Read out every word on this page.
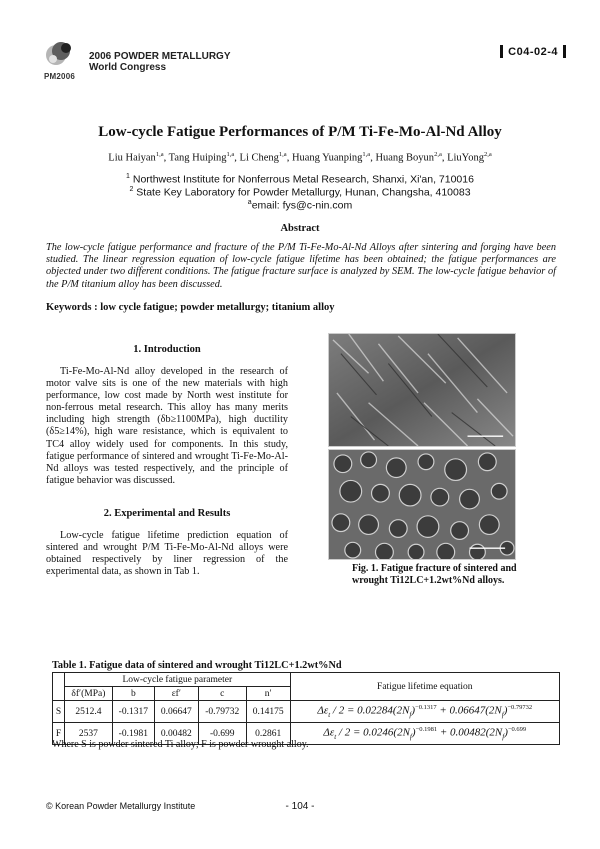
PM2006
2006 POWDER METALLURGY
World Congress
C04-02-4
Low-cycle Fatigue Performances of P/M Ti-Fe-Mo-Al-Nd Alloy
Liu Haiyan$^{1,a}$, Tang Huiping$^{1,a}$, Li Cheng$^{1,a}$, Huang Yuanping$^{1,a}$, Huang Boyun$^{2,a}$, LiuYong$^{2,a}$
$^1$ Northwest Institute for Nonferrous Metal Research, Shanxi, Xi'an, 710016
$^2$ State Key Laboratory for Powder Metallurgy, Hunan, Changsha, 410083
$^a$email: fys@c-nin.com
Abstract
The low-cycle fatigue performance and fracture of the P/M Ti-Fe-Mo-Al-Nd Alloys after sintering and forging have been studied. The linear regression equation of low-cycle fatigue lifetime has been obtained; the fatigue performances are objected under two different conditions. The fatigue fracture surface is analyzed by SEM. The low-cycle fatigue behavior of the P/M titanium alloy has been discussed.
Keywords : low cycle fatigue; powder metallurgy; titanium alloy
1. Introduction
Ti-Fe-Mo-Al-Nd alloy developed in the research of motor valve sits is one of the new materials with high performance, low cost made by North west institute for non-ferrous metal research. This alloy has many merits including high strength (δb≥1100MPa), high ductility (δ5≥14%), high ware resistance, which is equivalent to TC4 alloy widely used for components. In this study, fatigue performance of sintered and wrought Ti-Fe-Mo-Al-Nd alloys was tested respectively, and the principle of fatigue behavior was discussed.
2. Experimental and Results
Low-cycle fatigue lifetime prediction equation of sintered and wrought P/M Ti-Fe-Mo-Al-Nd alloys were obtained respectively by liner regression of the experimental data, as shown in Tab 1.	Fig. 1. Fatigue fracture of sintered and wrought Ti12LC+1.2wt%Nd alloys.
Table 1. Fatigue data of sintered and wrought Ti12LC+1.2wt%Nd
	Low-cycle fatigue parameter					Fatigue lifetime equation
	δf′(MPa)	b	εf′	c	n′	
S	2512.4	-0.1317	0.06647	-0.79732	0.14175	$\Delta\varepsilon_t / 2 = 0.02284(2N_f)^{-0.1317} + 0.06647(2N_f)^{-0.79732}$
F	2537	-0.1981	0.00482	-0.699	0.2861	$\Delta\varepsilon_t / 2 = 0.0246(2N_f)^{-0.1981} + 0.00482(2N_f)^{-0.699}$
Where S is powder sintered Ti alloy; F is powder wrought alloy.
© Korean Powder Metallurgy Institute	- 104 -
